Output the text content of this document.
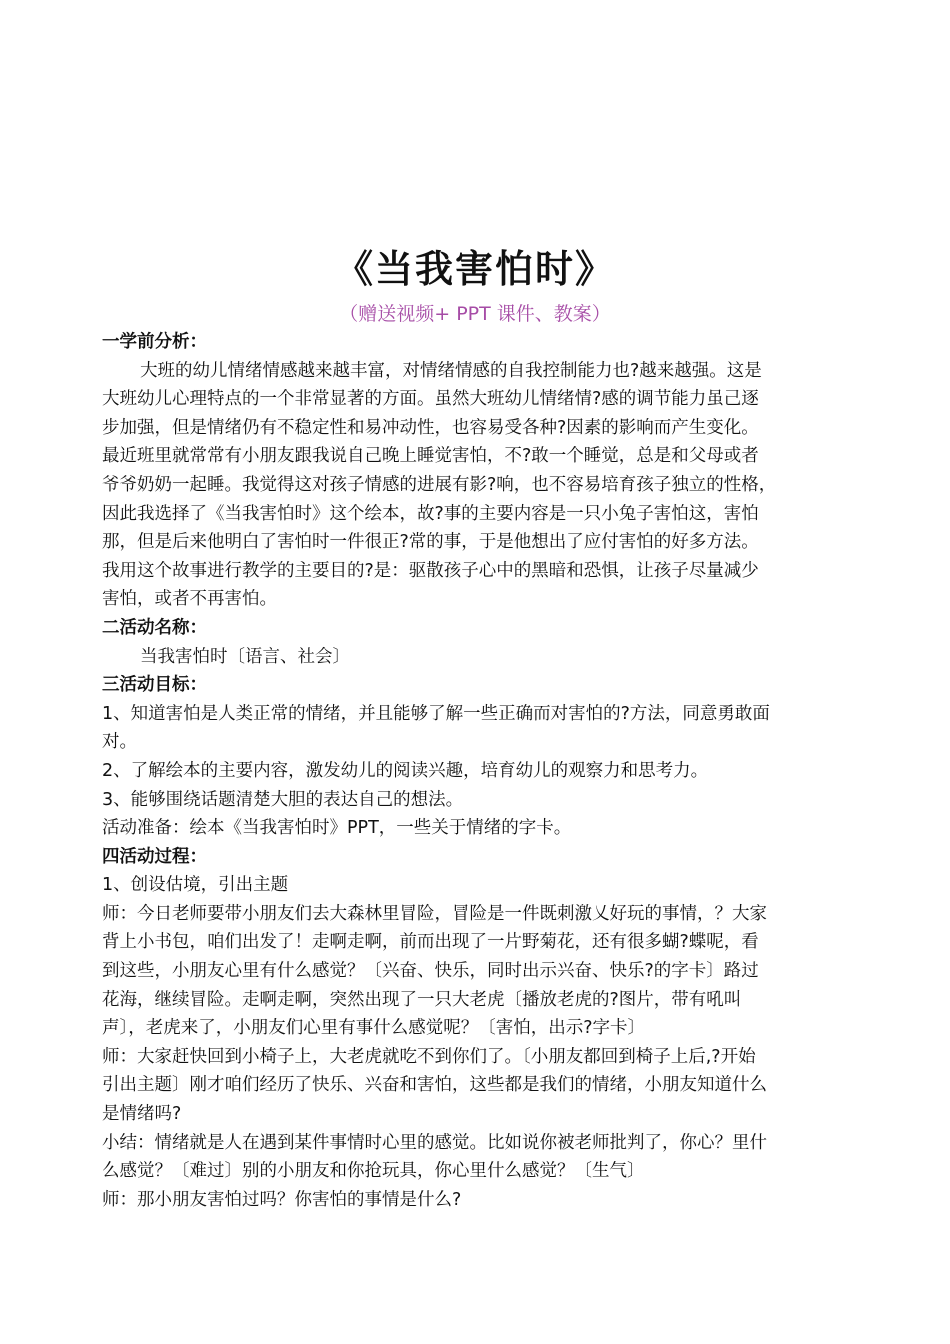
《当我害怕时》
（赠送视频+ PPT 课件、教案）

一学前分析：

大班的幼儿情绪情感越来越丰富，对情绪情感的自我控制能力也?越来越强。这是

大班幼儿心理特点的一个非常显著的方面。虽然大班幼儿情绪情?感的调节能力虽己逐

步加强，但是情绪仍有不稳定性和易冲动性，也容易受各种?因素的影响而产生变化。

最近班里就常常有小朋友跟我说自己晚上睡觉害怕，不?敢一个睡觉，总是和父母或者

爷爷奶奶一起睡。我觉得这对孩子情感的进展有影?响，也不容易培育孩子独立的性格，

因此我选择了《当我害怕时》这个绘本，故?事的主要内容是一只小兔子害怕这，害怕

那，但是后来他明白了害怕时一件很正?常的事，于是他想出了应付害怕的好多方法。

我用这个故事进行教学的主要目的?是：驱散孩子心中的黑暗和恐惧，让孩子尽量减少

害怕，或者不再害怕。

二活动名称：

当我害怕时〔语言、社会〕

三活动目标：

1、知道害怕是人类正常的情绪，并且能够了解一些正确而对害怕的?方法，同意勇敢面

对。

2、了解绘本的主要内容，激发幼儿的阅读兴趣，培育幼儿的观察力和思考力。

3、能够围绕话题清楚大胆的表达自己的想法。

活动准备：绘本《当我害怕时》PPT，一些关于情绪的字卡。

四活动过程：

1、创设估境，引出主题

师：今日老师要带小朋友们去大森林里冒险，冒险是一件既刺激乂好玩的事情，？大家

背上小书包，咱们出发了！走啊走啊，前而出现了一片野菊花，还有很多蝴?蝶呢，看

到这些，小朋友心里有什么感觉？〔兴奋、快乐，同时出示兴奋、快乐?的字卡〕路过

花海，继续冒险。走啊走啊，突然出现了一只大老虎〔播放老虎的?图片，带有吼叫

声〕，老虎来了，小朋友们心里有事什么感觉呢？〔害怕，出示?字卡〕

师：大家赶快回到小椅子上，大老虎就吃不到你们了。〔小朋友都回到椅子上后,?开始

引出主题〕刚才咱们经历了快乐、兴奋和害怕，这些都是我们的情绪，小朋友知道什么

是情绪吗?

小结：情绪就是人在遇到某件事情时心里的感觉。比如说你被老师批判了，你心？里什

么感觉？〔难过〕别的小朋友和你抢玩具，你心里什么感觉？〔生气〕

师：那小朋友害怕过吗？你害怕的事情是什么?
